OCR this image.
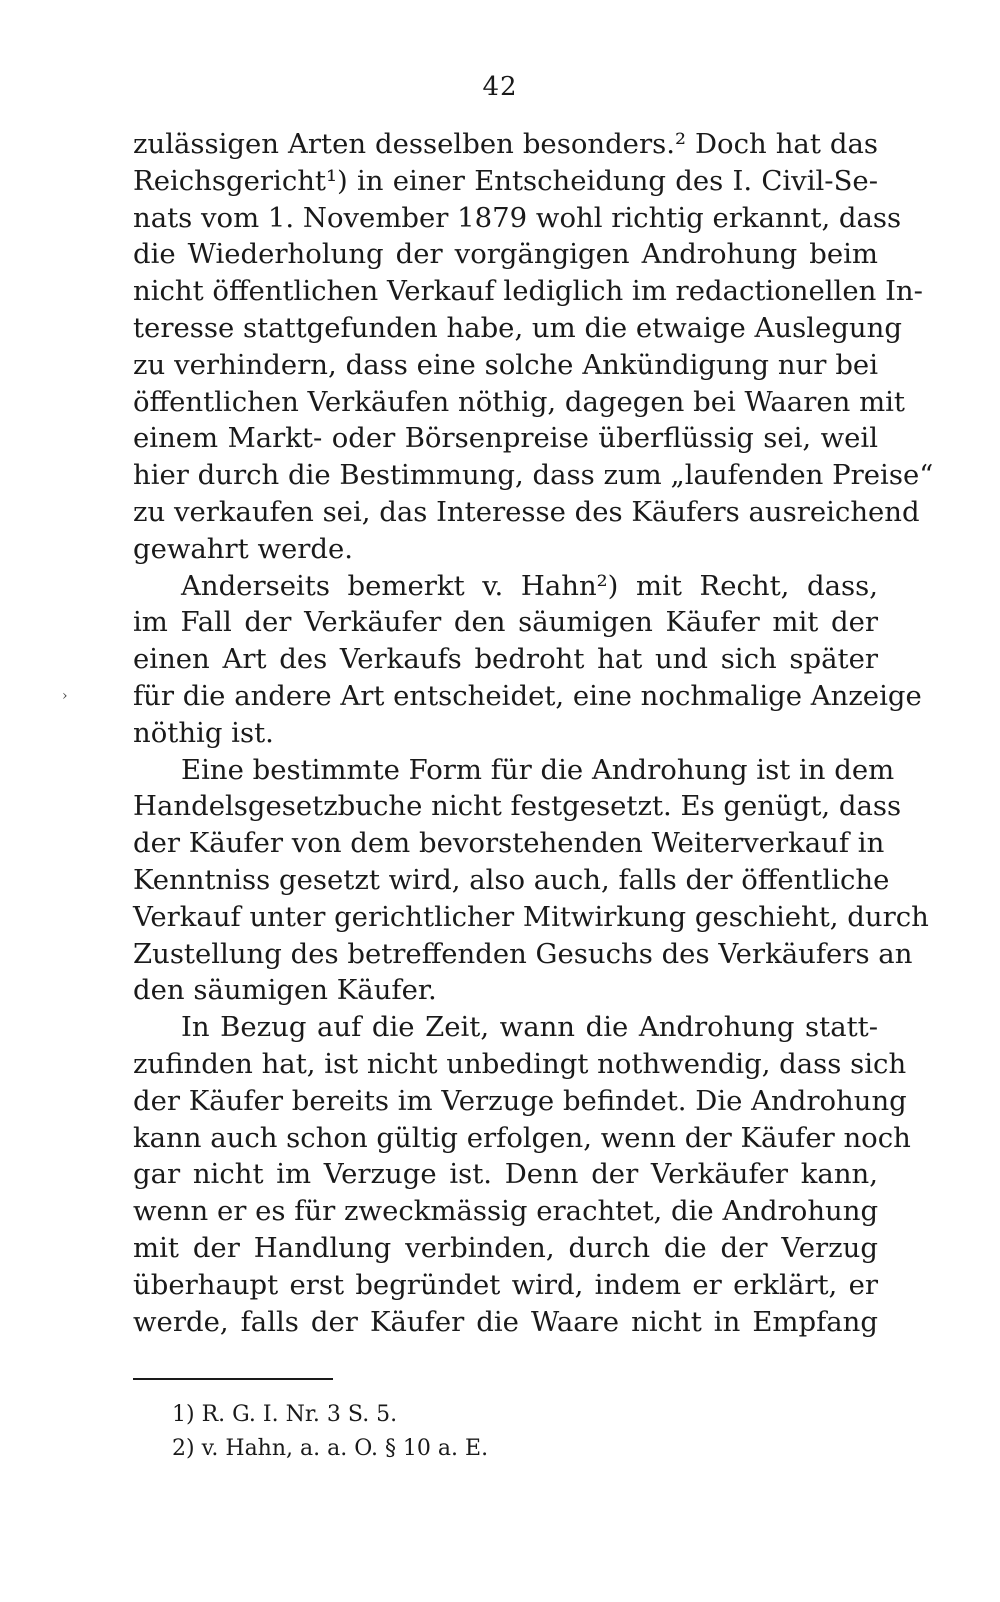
42
›
zulässigen Arten desselben besonders.² Doch hat das
Reichsgericht¹) in einer Entscheidung des I. Civil-Se-
nats vom 1. November 1879 wohl richtig erkannt, dass
die Wiederholung der vorgängigen Androhung beim
nicht öffentlichen Verkauf lediglich im redactionellen In-
teresse stattgefunden habe, um die etwaige Auslegung
zu verhindern, dass eine solche Ankündigung nur bei
öffentlichen Verkäufen nöthig, dagegen bei Waaren mit
einem Markt- oder Börsenpreise überflüssig sei, weil
hier durch die Bestimmung, dass zum „laufenden Preise“
zu verkaufen sei, das Interesse des Käufers ausreichend
gewahrt werde.
Anderseits bemerkt v. Hahn²) mit Recht, dass,
im Fall der Verkäufer den säumigen Käufer mit der
einen Art des Verkaufs bedroht hat und sich später
für die andere Art entscheidet, eine nochmalige Anzeige
nöthig ist.
Eine bestimmte Form für die Androhung ist in dem
Handelsgesetzbuche nicht festgesetzt. Es genügt, dass
der Käufer von dem bevorstehenden Weiterverkauf in
Kenntniss gesetzt wird, also auch, falls der öffentliche
Verkauf unter gerichtlicher Mitwirkung geschieht, durch
Zustellung des betreffenden Gesuchs des Verkäufers an
den säumigen Käufer.
In Bezug auf die Zeit, wann die Androhung statt-
zufinden hat, ist nicht unbedingt nothwendig, dass sich
der Käufer bereits im Verzuge befindet. Die Androhung
kann auch schon gültig erfolgen, wenn der Käufer noch
gar nicht im Verzuge ist. Denn der Verkäufer kann,
wenn er es für zweckmässig erachtet, die Androhung
mit der Handlung verbinden, durch die der Verzug
überhaupt erst begründet wird, indem er erklärt, er
werde, falls der Käufer die Waare nicht in Empfang
1) R. G. I. Nr. 3 S. 5.
2) v. Hahn, a. a. O. § 10 a. E.
